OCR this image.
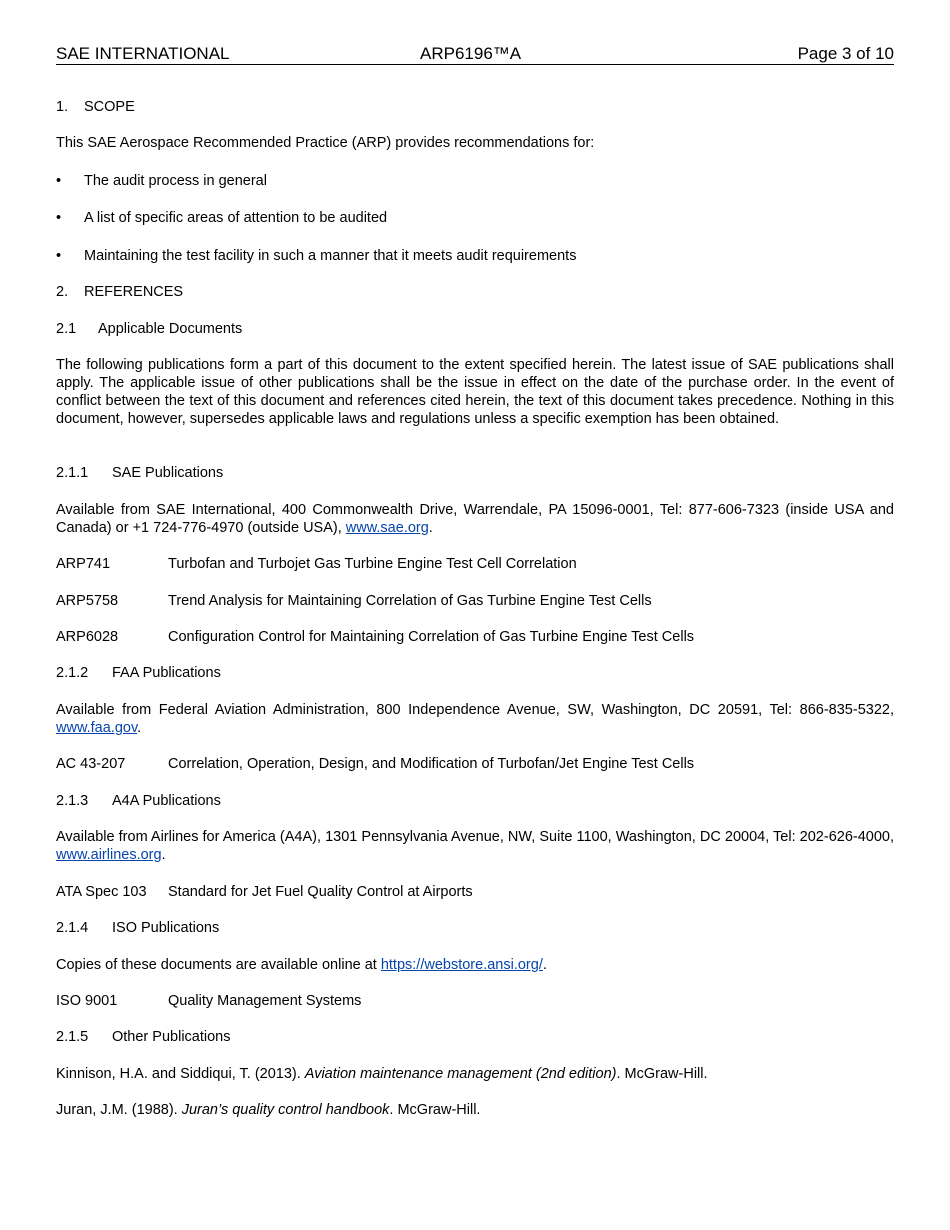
SAE INTERNATIONAL	ARP6196™A	Page 3 of 10
1. SCOPE
This SAE Aerospace Recommended Practice (ARP) provides recommendations for:
• The audit process in general
• A list of specific areas of attention to be audited
• Maintaining the test facility in such a manner that it meets audit requirements
2. REFERENCES
2.1 Applicable Documents
The following publications form a part of this document to the extent specified herein. The latest issue of SAE publications shall apply. The applicable issue of other publications shall be the issue in effect on the date of the purchase order. In the event of conflict between the text of this document and references cited herein, the text of this document takes precedence. Nothing in this document, however, supersedes applicable laws and regulations unless a specific exemption has been obtained.
2.1.1 SAE Publications
Available from SAE International, 400 Commonwealth Drive, Warrendale, PA 15096-0001, Tel: 877-606-7323 (inside USA and Canada) or +1 724-776-4970 (outside USA), www.sae.org.
ARP741	Turbofan and Turbojet Gas Turbine Engine Test Cell Correlation
ARP5758	Trend Analysis for Maintaining Correlation of Gas Turbine Engine Test Cells
ARP6028	Configuration Control for Maintaining Correlation of Gas Turbine Engine Test Cells
2.1.2 FAA Publications
Available from Federal Aviation Administration, 800 Independence Avenue, SW, Washington, DC 20591, Tel: 866-835-5322, www.faa.gov.
AC 43-207	Correlation, Operation, Design, and Modification of Turbofan/Jet Engine Test Cells
2.1.3 A4A Publications
Available from Airlines for America (A4A), 1301 Pennsylvania Avenue, NW, Suite 1100, Washington, DC 20004, Tel: 202-626-4000, www.airlines.org.
ATA Spec 103 Standard for Jet Fuel Quality Control at Airports
2.1.4 ISO Publications
Copies of these documents are available online at https://webstore.ansi.org/.
ISO 9001	Quality Management Systems
2.1.5 Other Publications
Kinnison, H.A. and Siddiqui, T. (2013). Aviation maintenance management (2nd edition). McGraw-Hill.
Juran, J.M. (1988). Juran’s quality control handbook. McGraw-Hill.
